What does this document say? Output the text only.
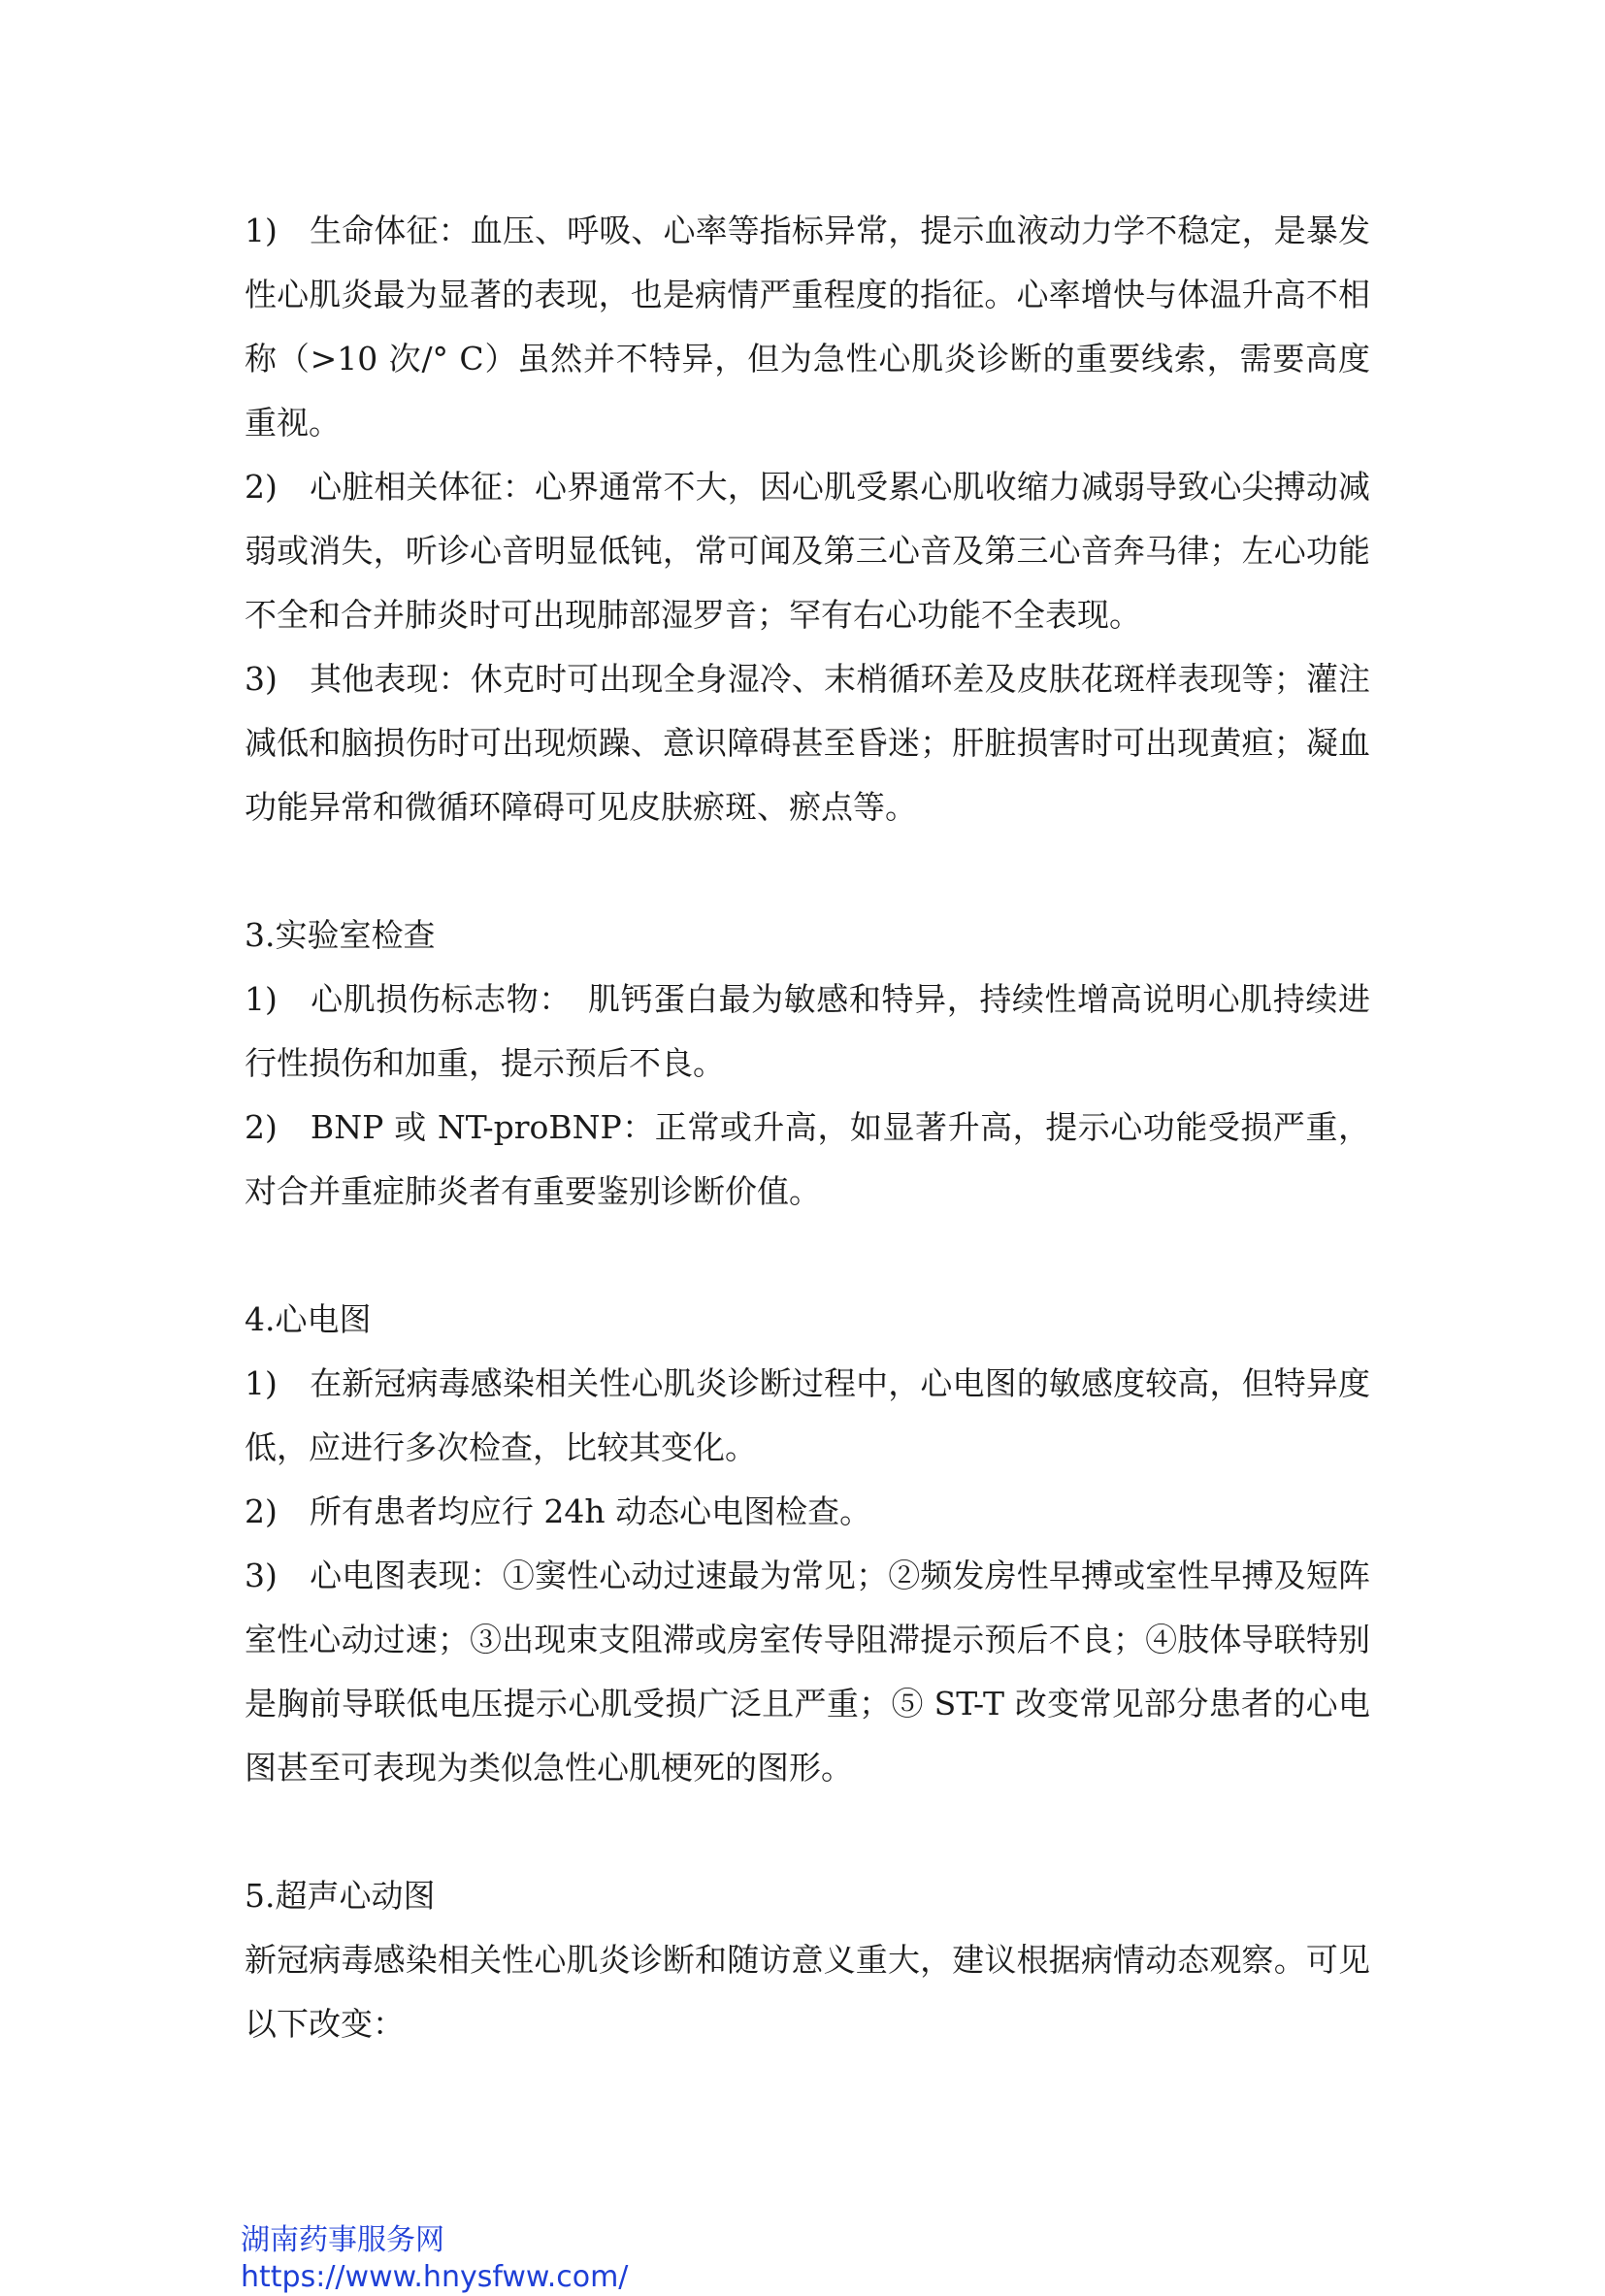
1)　生命体征：血压、呼吸、心率等指标异常，提示血液动力学不稳定，是暴发性心肌炎最为显著的表现，也是病情严重程度的指征。心率增快与体温升高不相称（>10 次/° C）虽然并不特异，但为急性心肌炎诊断的重要线索，需要高度重视。

2)　心脏相关体征：心界通常不大，因心肌受累心肌收缩力减弱导致心尖搏动减弱或消失，听诊心音明显低钝，常可闻及第三心音及第三心音奔马律；左心功能不全和合并肺炎时可出现肺部湿罗音；罕有右心功能不全表现。

3)　其他表现：休克时可出现全身湿冷、末梢循环差及皮肤花斑样表现等；灌注减低和脑损伤时可出现烦躁、意识障碍甚至昏迷；肝脏损害时可出现黄疸；凝血功能异常和微循环障碍可见皮肤瘀斑、瘀点等。

3.实验室检查

1)　心肌损伤标志物：　肌钙蛋白最为敏感和特异，持续性增高说明心肌持续进行性损伤和加重，提示预后不良。

2)　BNP 或 NT-proBNP：正常或升高，如显著升高，提示心功能受损严重，对合并重症肺炎者有重要鉴别诊断价值。

4.心电图

1)　在新冠病毒感染相关性心肌炎诊断过程中，心电图的敏感度较高，但特异度低，应进行多次检查，比较其变化。

2)　所有患者均应行 24h 动态心电图检查。

3)　心电图表现：①窦性心动过速最为常见；②频发房性早搏或室性早搏及短阵室性心动过速；③出现束支阻滞或房室传导阻滞提示预后不良；④肢体导联特别是胸前导联低电压提示心肌受损广泛且严重；⑤ ST-T 改变常见部分患者的心电图甚至可表现为类似急性心肌梗死的图形。

5.超声心动图

新冠病毒感染相关性心肌炎诊断和随访意义重大，建议根据病情动态观察。可见以下改变：

湖南药事服务网
https://www.hnysfww.com/
